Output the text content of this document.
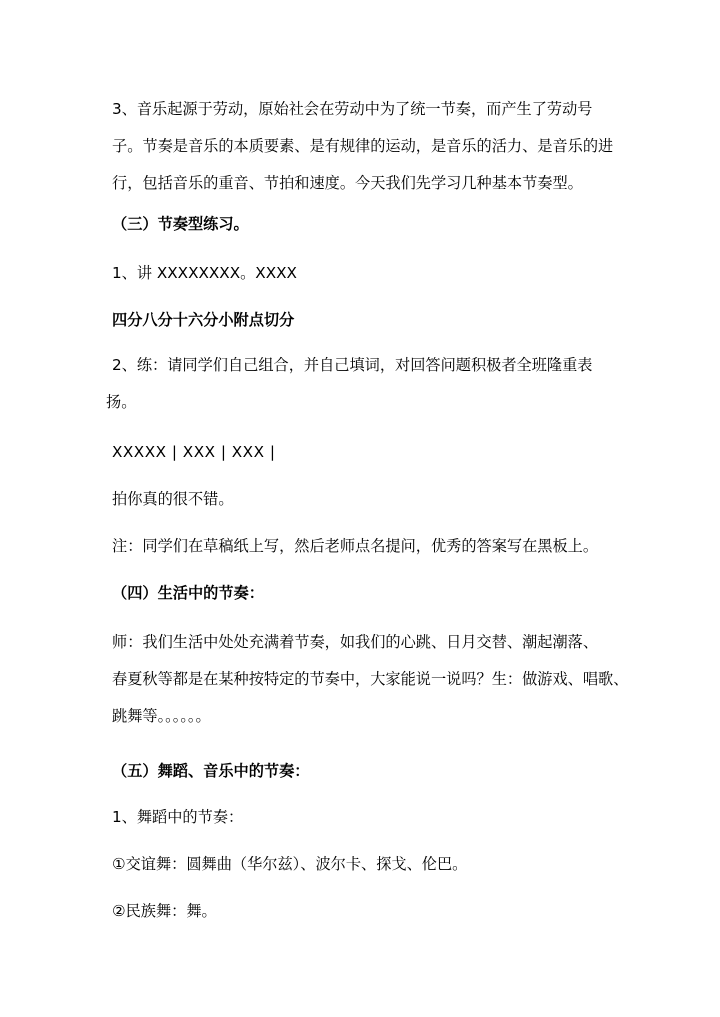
3、音乐起源于劳动，原始社会在劳动中为了统一节奏，而产生了劳动号
子。节奏是音乐的本质要素、是有规律的运动，是音乐的活力、是音乐的进
行，包括音乐的重音、节拍和速度。今天我们先学习几种基本节奏型。

（三）节奏型练习。

1、讲 XXXXXXXX。XXXX

四分八分十六分小附点切分

2、练：请同学们自己组合，并自己填词，对回答问题积极者全班隆重表
扬。

XXXXX | XXX | XXX |

拍你真的很不错。

注：同学们在草稿纸上写，然后老师点名提问，优秀的答案写在黑板上。

（四）生活中的节奏：

师：我们生活中处处充满着节奏，如我们的心跳、日月交替、潮起潮落、
春夏秋等都是在某种按特定的节奏中，大家能说一说吗？生：做游戏、唱歌、
跳舞等。。。。。。

（五）舞蹈、音乐中的节奏：

1、舞蹈中的节奏：

①交谊舞：圆舞曲（华尔兹）、波尔卡、探戈、伦巴。

②民族舞：舞。
